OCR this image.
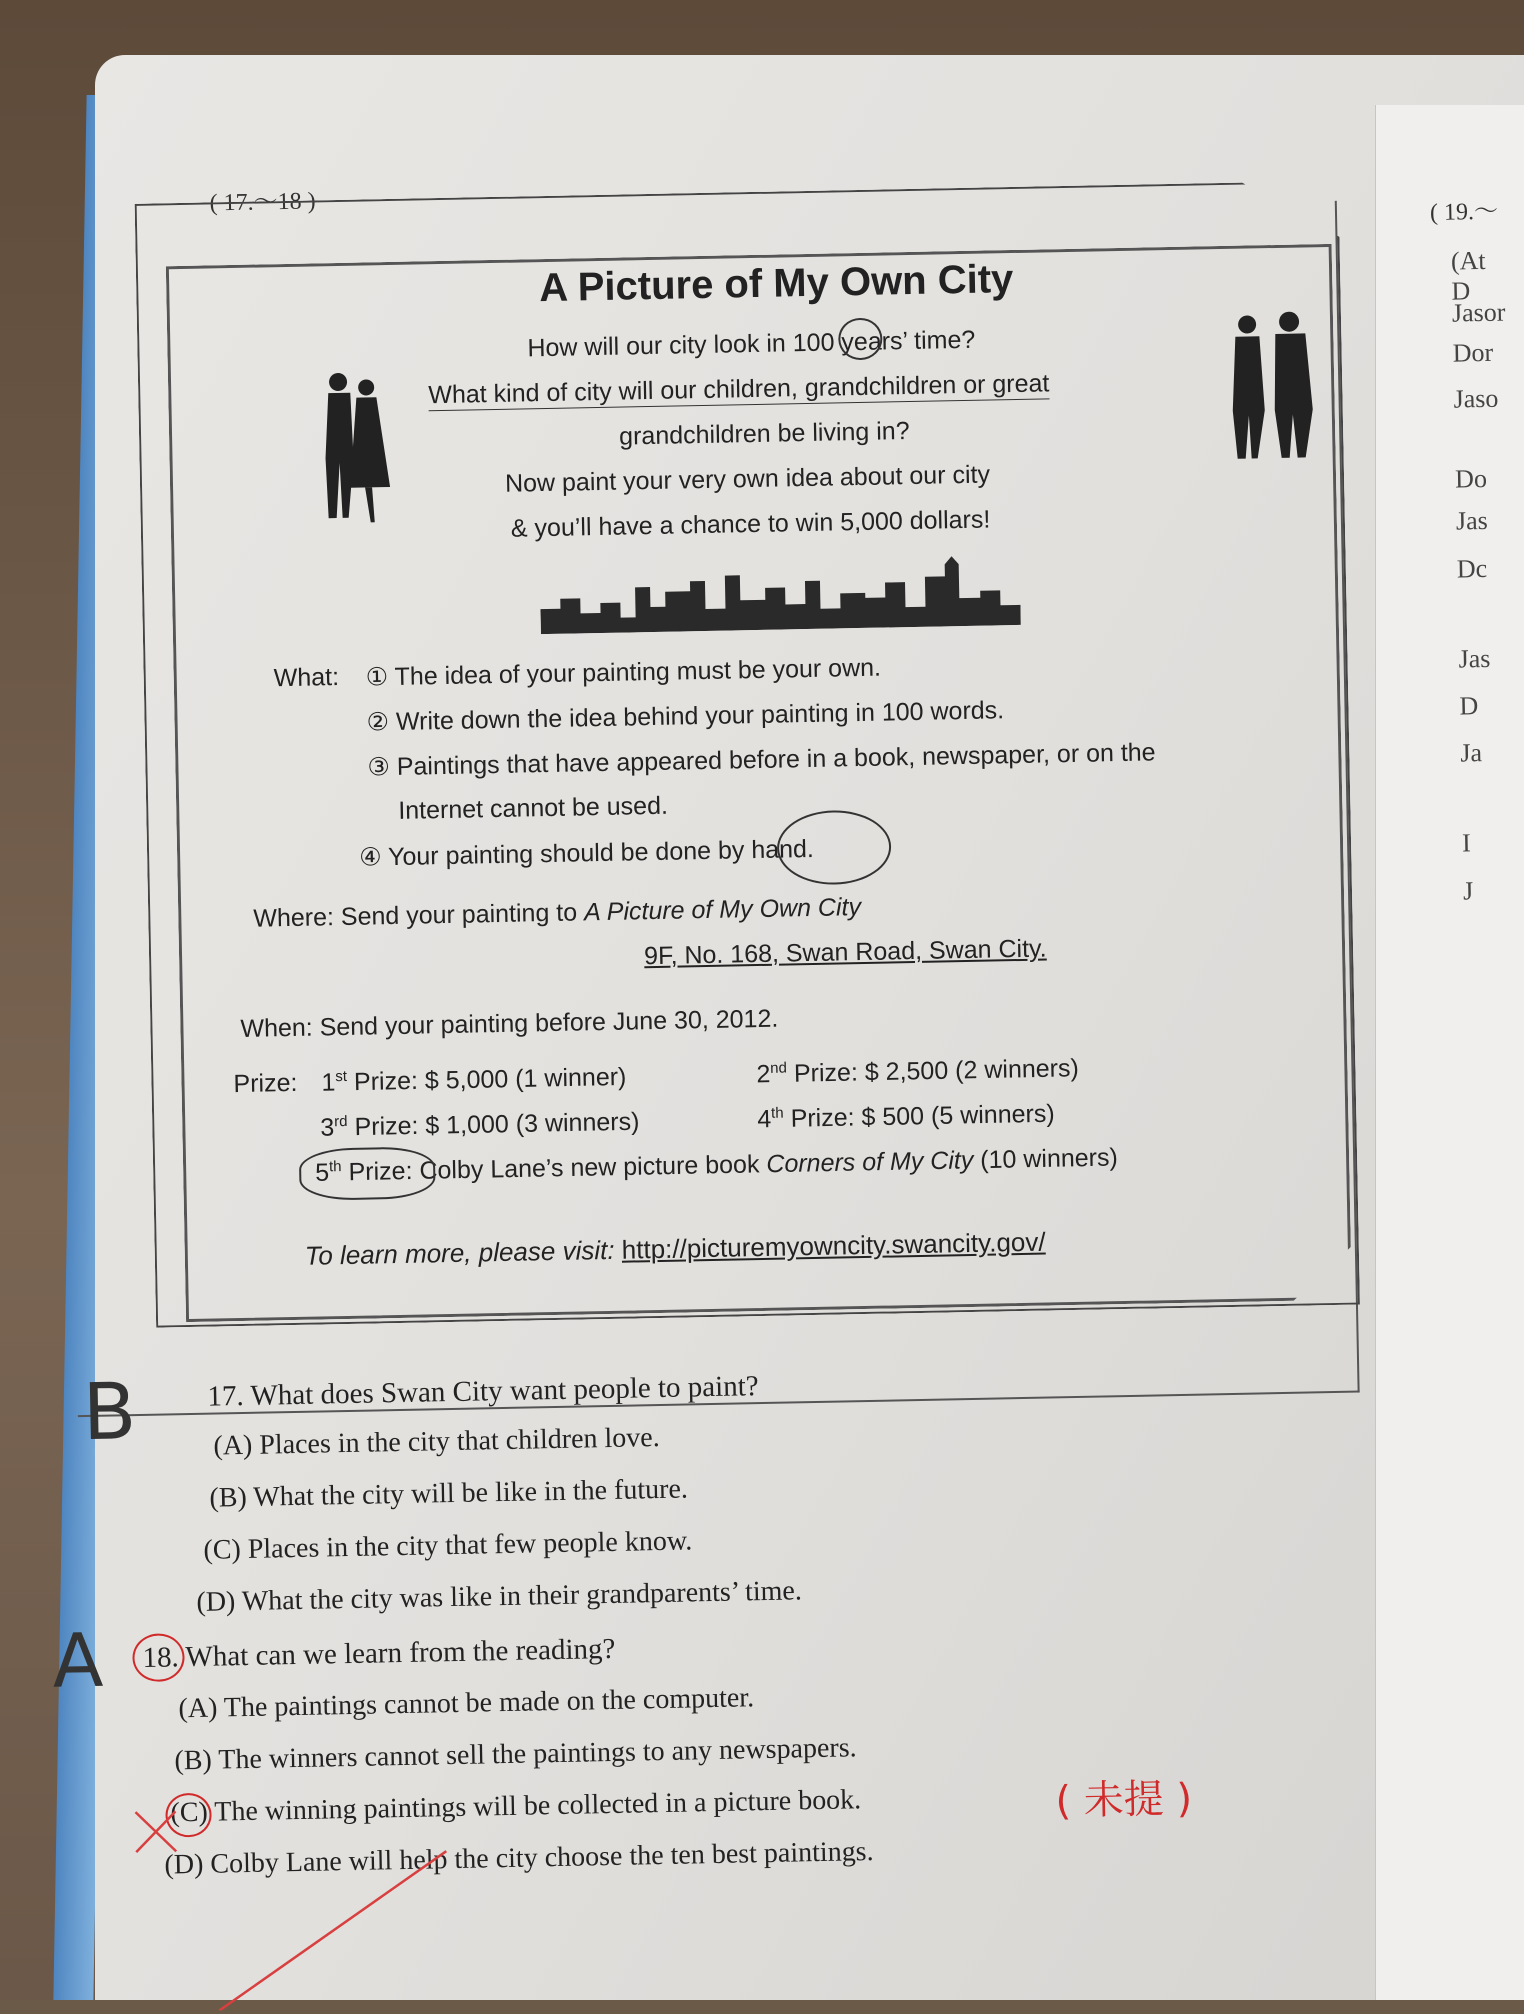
( 17.～18 )	( 19.～
(At D
Jasor
Dor
Jaso
Do
Jas
Dc
Jas
D
Ja
I
J
A Picture of My Own City
How will our city look in 100 years’ time?
What kind of city will our children, grandchildren or great
grandchildren be living in?
Now paint your very own idea about our city
& you’ll have a chance to win 5,000 dollars!
What: ① The idea of your painting must be your own.
② Write down the idea behind your painting in 100 words.
③ Paintings that have appeared before in a book, newspaper, or on the
Internet cannot be used.
④ Your painting should be done by hand.
Where: Send your painting to A Picture of My Own City
9F, No. 168, Swan Road, Swan City.
When: Send your painting before June 30, 2012.
Prize: 1st Prize: $ 5,000 (1 winner)	2nd Prize: $ 2,500 (2 winners)
3rd Prize: $ 1,000 (3 winners)	4th Prize: $ 500 (5 winners)
5th Prize: Colby Lane’s new picture book Corners of My City (10 winners)
To learn more, please visit: http://picturemyowncity.swancity.gov/
17. What does Swan City want people to paint?
B	(A) Places in the city that children love.
(B) What the city will be like in the future.
(C) Places in the city that few people know.
(D) What the city was like in their grandparents’ time.
18. What can we learn from the reading?
A	(A) The paintings cannot be made on the computer.
(B) The winners cannot sell the paintings to any newspapers.
(C) The winning paintings will be collected in a picture book.
(D) Colby Lane will help the city choose the ten best paintings.
( 未提 )
